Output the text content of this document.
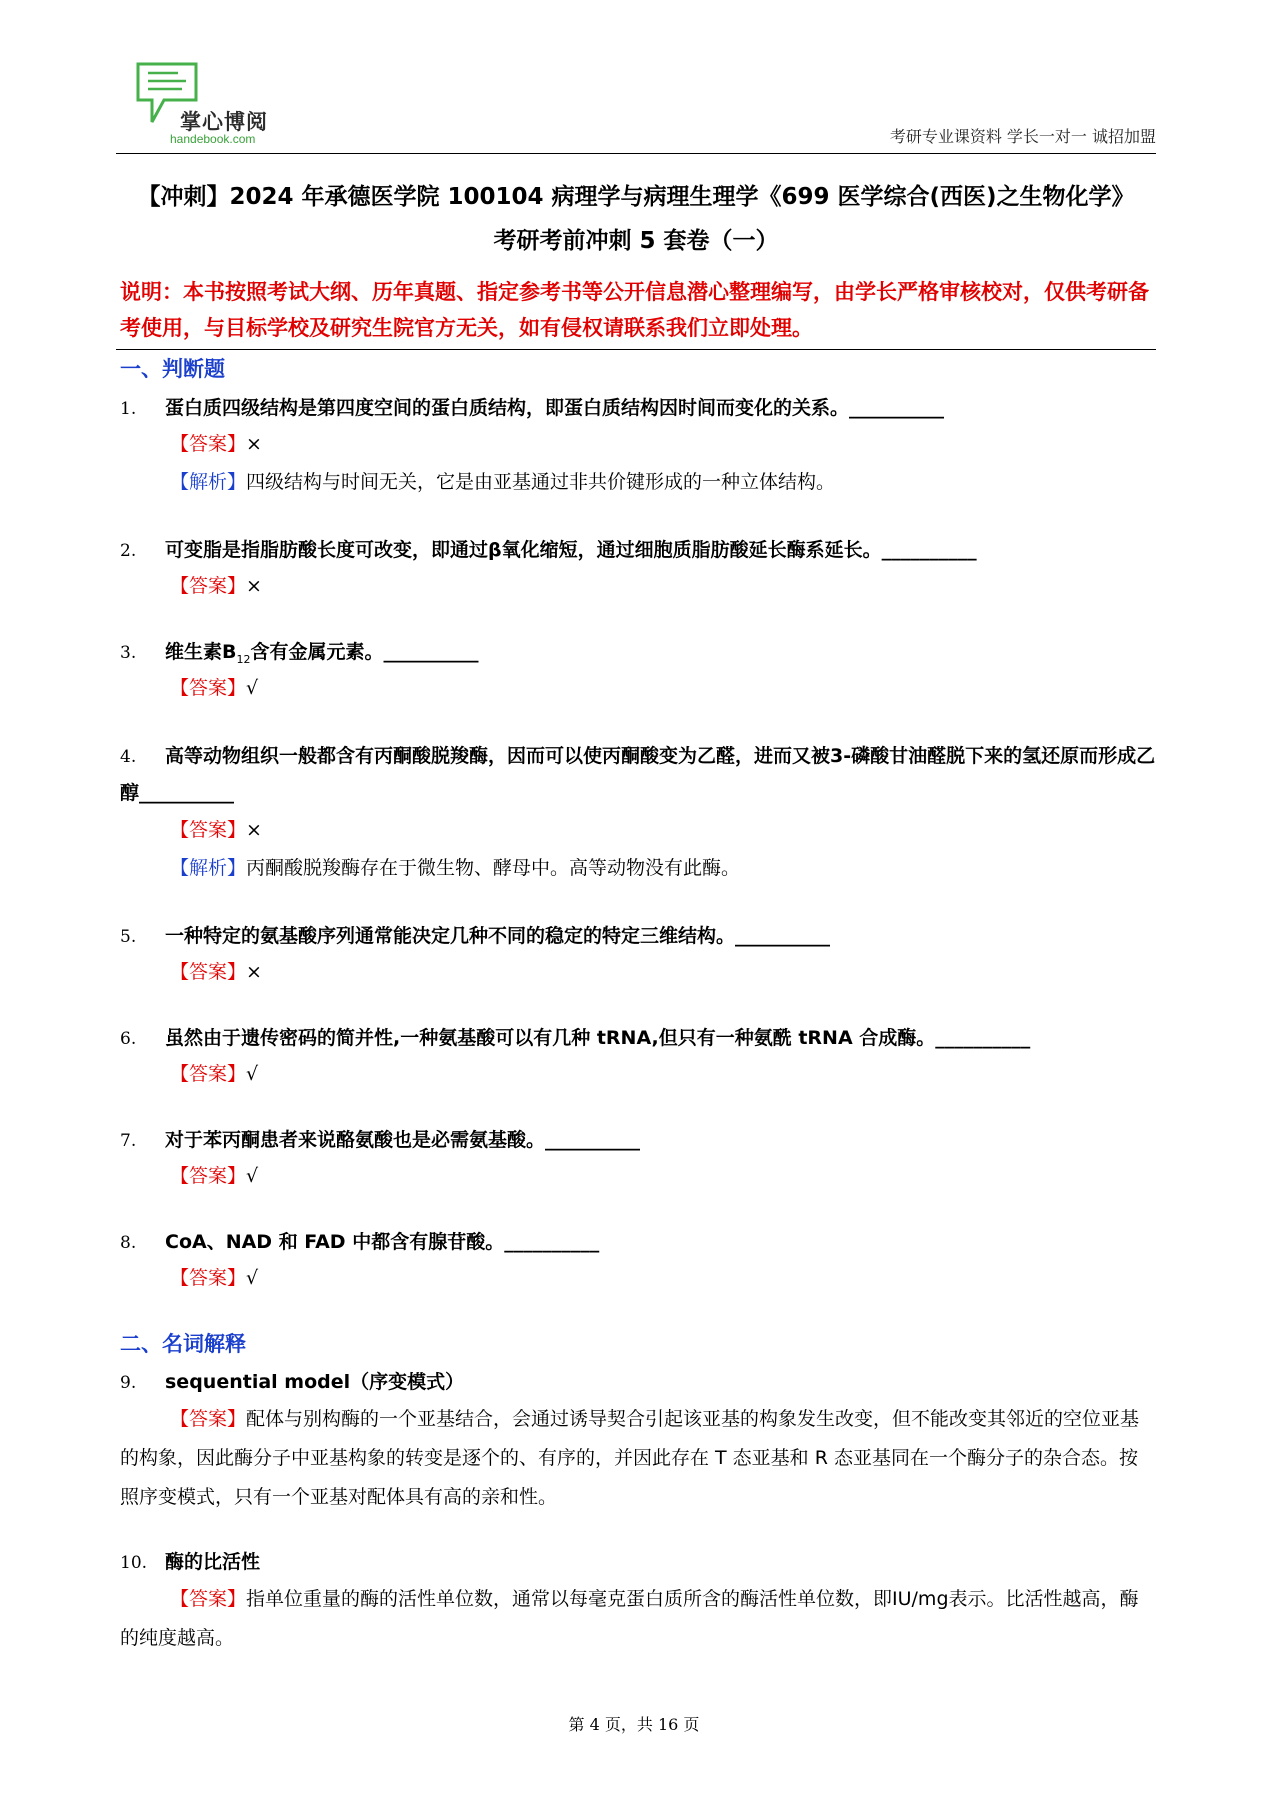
掌心博阅
handebook.com	考研专业课资料 学长一对一 诚招加盟
【冲刺】2024 年承德医学院 100104 病理学与病理生理学《699 医学综合(西医)之生物化学》
考研考前冲刺 5 套卷（一）
说明：本书按照考试大纲、历年真题、指定参考书等公开信息潜心整理编写，由学长严格审核校对，仅供考研备考使用，与目标学校及研究生院官方无关，如有侵权请联系我们立即处理。
一、判断题
1. 蛋白质四级结构是第四度空间的蛋白质结构，即蛋白质结构因时间而变化的关系。__________
【答案】×
【解析】四级结构与时间无关，它是由亚基通过非共价键形成的一种立体结构。
2. 可变脂是指脂肪酸长度可改变，即通过β氧化缩短，通过细胞质脂肪酸延长酶系延长。__________
【答案】×
3. 维生素$B_{12}$含有金属元素。__________
【答案】√
4. 高等动物组织一般都含有丙酮酸脱羧酶，因而可以使丙酮酸变为乙醛，进而又被3-磷酸甘油醛脱下来的氢还原而形成乙醇__________
【答案】×
【解析】丙酮酸脱羧酶存在于微生物、酵母中。高等动物没有此酶。
5. 一种特定的氨基酸序列通常能决定几种不同的稳定的特定三维结构。__________
【答案】×
6. 虽然由于遗传密码的简并性,一种氨基酸可以有几种 tRNA,但只有一种氨酰 tRNA 合成酶。__________
【答案】√
7. 对于苯丙酮患者来说酪氨酸也是必需氨基酸。__________
【答案】√
8. CoA、NAD 和 FAD 中都含有腺苷酸。__________
【答案】√
二、名词解释
9. sequential model（序变模式）
【答案】配体与别构酶的一个亚基结合，会通过诱导契合引起该亚基的构象发生改变，但不能改变其邻近的空位亚基的构象，因此酶分子中亚基构象的转变是逐个的、有序的，并因此存在 T 态亚基和 R 态亚基同在一个酶分子的杂合态。按照序变模式，只有一个亚基对配体具有高的亲和性。
10. 酶的比活性
【答案】指单位重量的酶的活性单位数，通常以每毫克蛋白质所含的酶活性单位数，即IU/mg表示。比活性越高，酶的纯度越高。
第 4 页，共 16 页
